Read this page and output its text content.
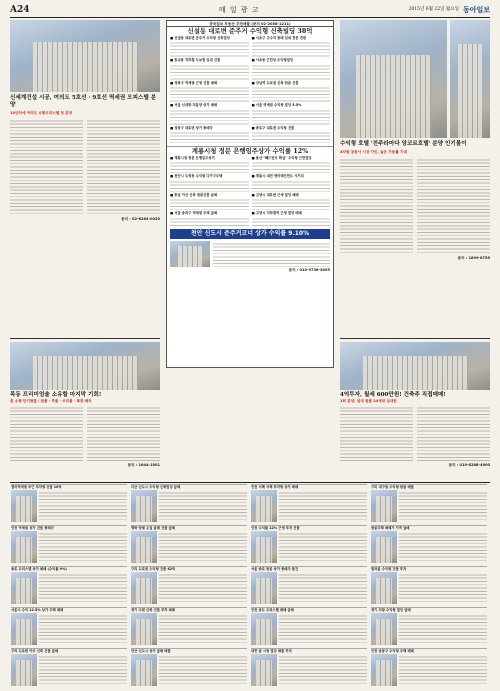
A24	매 일 광 고	2015년 6월 22일 월요일 동아일보
신세계건설 시공, 여의도 5호선 · 9호선 역세권 오피스텔 분양
10년차에 여의도 소형오피스텔 첫 분양
문의 : 02-6264-0020
중국집보 부동산 추천매물 (문의 02-2058-1211)
신설동 대로변 준주거 수익형 신축빌딩 38억
■ 신설동 대로변 준주거 수익형 신축빌딩
■ 동교동 지하철 도보권 임대 건물
■ 성북구 역세권 근생 건물 매매
■ 서울 신대방 미분양 상가 매매
■ 성동구 대로변 상가 통매각
■ 서초구 고수익 통매 임대 전문 전원
■ 서초동 근린상 수익형빌딩
■ 강남역 도보권 신축 원룸 건물
■ 서울 역세권 수익형 빌딩 5.5%
■ 종로구 대로변 수익형 건물
계룡시청 정문 은행임주상가 수익률 12%
■ 계룡시청 정문 은행임주상가
■ 천안시 두정동 수익형 다가구주택
■ 충남 아산 신축 원룸건물 급매
■ 서울 송파구 역세권 주택 급매
■ 용산 "빼드빈프 확실" 수익형 근린빌딩
■ 계룡시 대전 엔터테인먼트 사거리
■ 고양시 대로변 근생 빌딩 매매
■ 고양시 지하철역 근생 빌딩 매매
천안 신도시 준주거코너 상가 수익률 9.10%
문의 : 010-9738-3005
수익형 호텔 '전주라마다 앙코르호텔' 분양 인기몰이
4차원 공동사 시장 가인, 높은 가동률 기대
문의 : 1899-8755
목동 프리미엄솔 소유할 마지막 기회!
총 소형 단지형들 / 원룸 · 투룸 · 쓰리룸 · 복층 배치
문의 : 1644-1001
4억투자, 월세 600만원! 건축주 직접매매!
1회 분양, 일대 원룸 24세대 임대원
문의 : 010-8288-4900
결의역세권 부근 투자형 건물 10억	다산 신도시 수익형 신축빌딩 급매	인천 서해 서해 투자형 상가 매매	구미 대구권 수익형 원룸 매물
인천 역세권 상가 건물 통매각	명학 양평 오일 급매 건물 급매	인천 수익률 12% 근생 투자 건물	원룸주택 매매가 가격 급매
종로 오피스텔 상가 매매 (수익률 9%)	구리 도로변 수익형 건물 62억	서울 종로 원룸 상가 통매각 물건	빌라를 수익형 건물 투자
서울시 수익 12.5% 상가 주택 매매	경기 수원 신축 건물 투자 매매	인천 송도 오피스텔 매매 급매	경기 의왕 수익형 빌딩 급매
구리 도로변 아주 신축 건물 급매	안산 신도시 상가 급매 매물	대전 급 시청 빌딩 매물 투자	인천 남동구 수익형 주택 매매
